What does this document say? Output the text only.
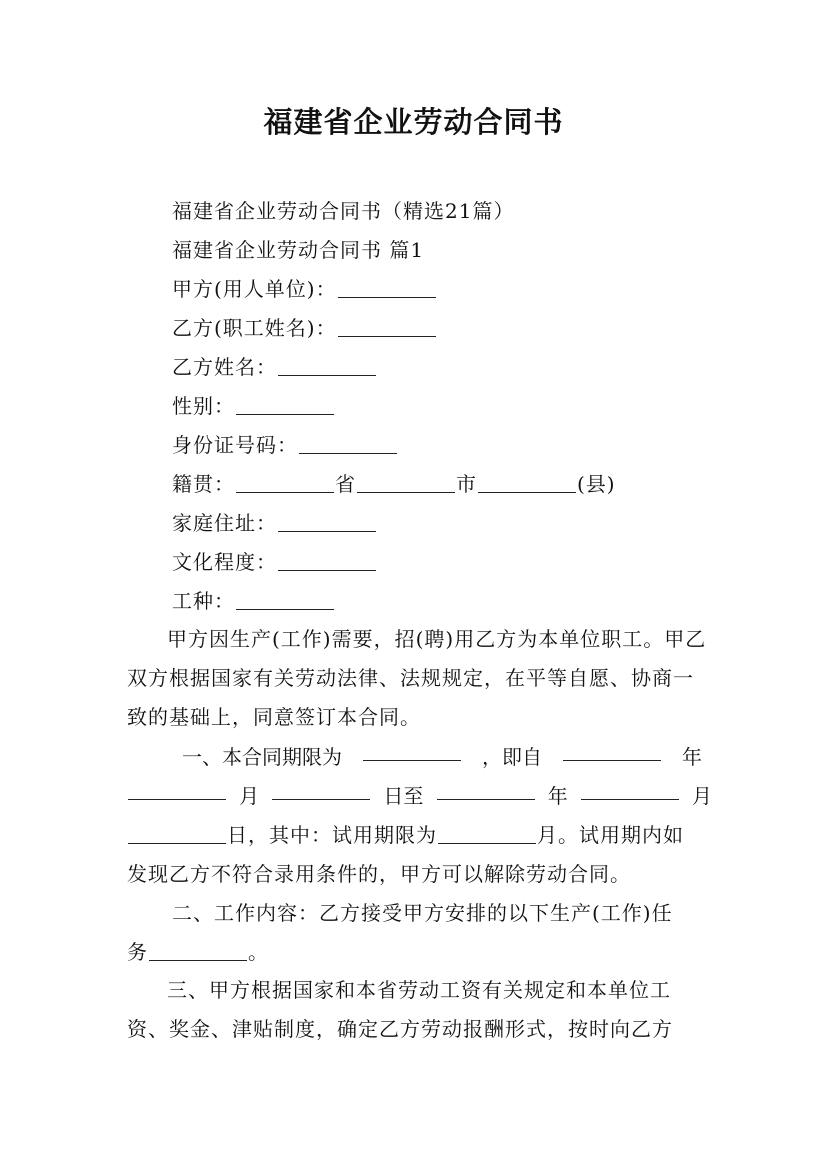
福建省企业劳动合同书
福建省企业劳动合同书（精选21篇）
福建省企业劳动合同书 篇1
甲方(用人单位)：
乙方(职工姓名)：
乙方姓名：
性别：
身份证号码：
籍贯：	省	市	(县)
家庭住址：
文化程度：
工种：
甲方因生产(工作)需要，招(聘)用乙方为本单位职工。甲乙双方根据国家有关劳动法律、法规规定，在平等自愿、协商一致的基础上，同意签订本合同。
一、本合同期限为	，即自	年
月	日至	年	月
日，其中：试用期限为	月。试用期内如
发现乙方不符合录用条件的，甲方可以解除劳动合同。
二、工作内容：乙方接受甲方安排的以下生产(工作)任
务	。
三、甲方根据国家和本省劳动工资有关规定和本单位工资、奖金、津贴制度，确定乙方劳动报酬形式，按时向乙方
